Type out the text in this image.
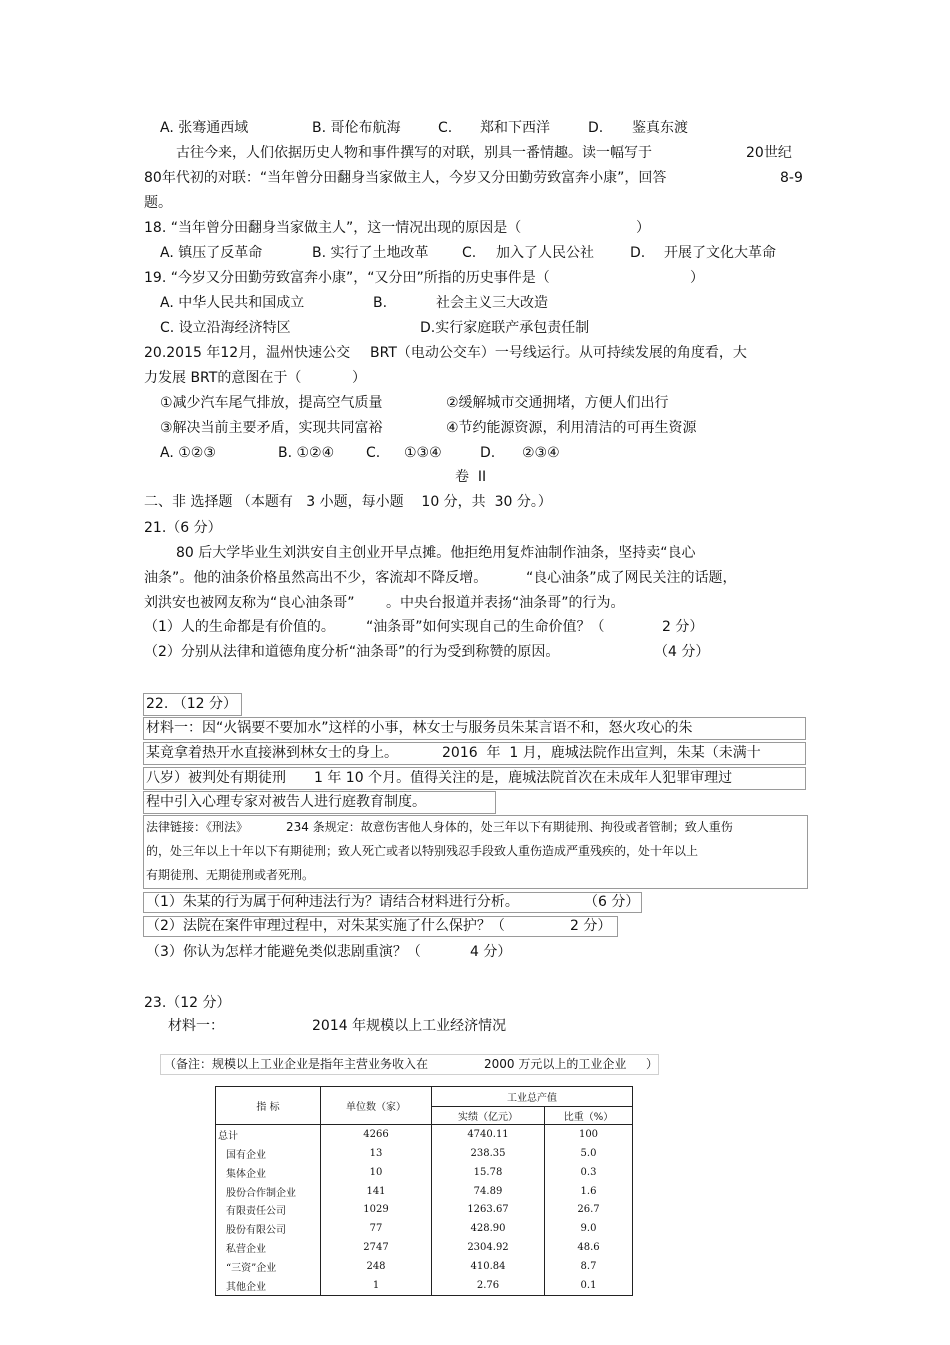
A. 张骞通西域	B. 哥伦布航海	C. 郑和下西洋	D. 鉴真东渡
古往今来，人们依据历史人物和事件撰写的对联，别具一番情趣。读一幅写于	20世纪
80年代初的对联：“当年曾分田翻身当家做主人，今岁又分田勤劳致富奔小康”，回答	8-9
题。
18. “当年曾分田翻身当家做主人”，这一情况出现的原因是（	）
A. 镇压了反革命	B. 实行了土地改革 C. 加入了人民公社	D. 开展了文化大革命
19. “今岁又分田勤劳致富奔小康”，“又分田”所指的历史事件是（	）
A. 中华人民共和国成立	B.	社会主义三大改造
C. 设立沿海经济特区	D.实行家庭联产承包责任制
20.2015 年12月，温州快速公交 BRT（电动公交车）一号线运行。从可持续发展的角度看，大
力发展 BRT的意图在于（	）
①减少汽车尾气排放，提高空气质量	②缓解城市交通拥堵，方便人们出行
③解决当前主要矛盾，实现共同富裕	④节约能源资源，利用清洁的可再生资源
A. ①②③	B. ①②④ C. ①③④	D. ②③④
卷  II
二、非 选择题 （本题有   3 小题，每小题    10 分，共  30 分。）
21.（6 分）
80 后大学毕业生刘洪安自主创业开早点摊。他拒绝用复炸油制作油条，坚持卖“良心
油条”。他的油条价格虽然高出不少，客流却不降反增。	“良心油条”成了网民关注的话题，
刘洪安也被网友称为“良心油条哥” 。中央台报道并表扬“油条哥”的行为。
（1）人的生命都是有价值的。 “油条哥”如何实现自己的生命价值？（	2 分）
（2）分别从法律和道德角度分析“油条哥”的行为受到称赞的原因。	（4 分）
22. （12 分）
材料一：因“火锅要不要加水”这样的小事，林女士与服务员朱某言语不和，怒火攻心的朱
某竟拿着热开水直接淋到林女士的身上。	2016  年  1 月，鹿城法院作出宣判，朱某（未满十
八岁）被判处有期徒刑 1 年 10 个月。值得关注的是，鹿城法院首次在未成年人犯罪审理过
程中引入心理专家对被告人进行庭教育制度。
法律链接：《刑法》	234 条规定：故意伤害他人身体的，处三年以下有期徒刑、拘役或者管制；致人重伤
的，处三年以上十年以下有期徒刑；致人死亡或者以特别残忍手段致人重伤造成严重残疾的，处十年以上
有期徒刑、无期徒刑或者死刑。
（1）朱某的行为属于何种违法行为？请结合材料进行分析。	（6 分）
（2）法院在案件审理过程中，对朱某实施了什么保护？（	2 分）
（3）你认为怎样才能避免类似悲剧重演？（	4 分）
23.（12 分）
材料一：	2014 年规模以上工业经济情况
（备注：规模以上工业企业是指年主营业务收入在	2000 万元以上的工业企业 ）
指 标	单位数（家）	工业总产值	
		实绩（亿元）	比重（%）
总计	4266	4740.11	100
国有企业	13	238.35	5.0
集体企业	10	15.78	0.3
股份合作制企业	141	74.89	1.6
有限责任公司	1029	1263.67	26.7
股份有限公司	77	428.90	9.0
私营企业	2747	2304.92	48.6
“三资”企业	248	410.84	8.7
其他企业	1	2.76	0.1
